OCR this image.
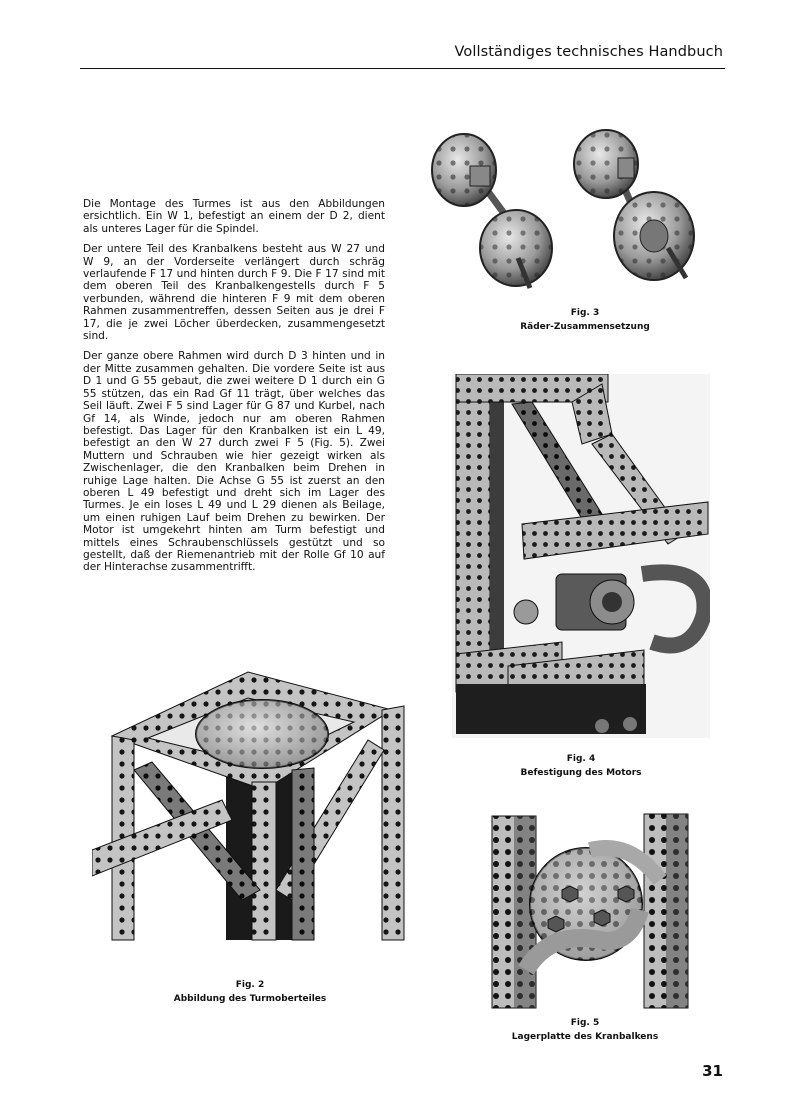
Vollständiges technisches Handbuch

Die Montage des Turmes ist aus den Abbildungen ersichtlich. Ein W 1, befestigt an einem der D 2, dient als unteres Lager für die Spindel.

Der untere Teil des Kranbalkens besteht aus W 27 und W 9, an der Vorderseite verlängert durch schräg verlaufende F 17 und hinten durch F 9. Die F 17 sind mit dem oberen Teil des Kranbalkengestells durch F 5 verbunden, während die hinteren F 9 mit dem oberen Rahmen zusammentreffen, dessen Seiten aus je drei F 17, die je zwei Löcher überdecken, zusammengesetzt sind.

Der ganze obere Rahmen wird durch D 3 hinten und in der Mitte zusammen gehalten. Die vordere Seite ist aus D 1 und G 55 gebaut, die zwei weitere D 1 durch ein G 55 stützen, das ein Rad Gf 11 trägt, über welches das Seil läuft. Zwei F 5 sind Lager für G 87 und Kurbel, nach Gf 14, als Winde, jedoch nur am oberen Rahmen befestigt. Das Lager für den Kranbalken ist ein L 49, befestigt an den W 27 durch zwei F 5 (Fig. 5). Zwei Muttern und Schrauben wie hier gezeigt wirken als Zwischenlager, die den Kranbalken beim Drehen in ruhige Lage halten. Die Achse G 55 ist zuerst an den oberen L 49 befestigt und dreht sich im Lager des Turmes. Je ein loses L 49 und L 29 dienen als Beilage, um einen ruhigen Lauf beim Drehen zu bewirken. Der Motor ist umgekehrt hinten am Turm befestigt und mittels eines Schraubenschlüssels gestützt und so gestellt, daß der Riemenantrieb mit der Rolle Gf 10 auf der Hinterachse zusammentrifft.

Fig. 3
Räder-Zusammensetzung
Fig. 4
Befestigung des Motors
Fig. 2
Abbildung des Turmoberteiles
Fig. 5
Lagerplatte des Kranbalkens
31
